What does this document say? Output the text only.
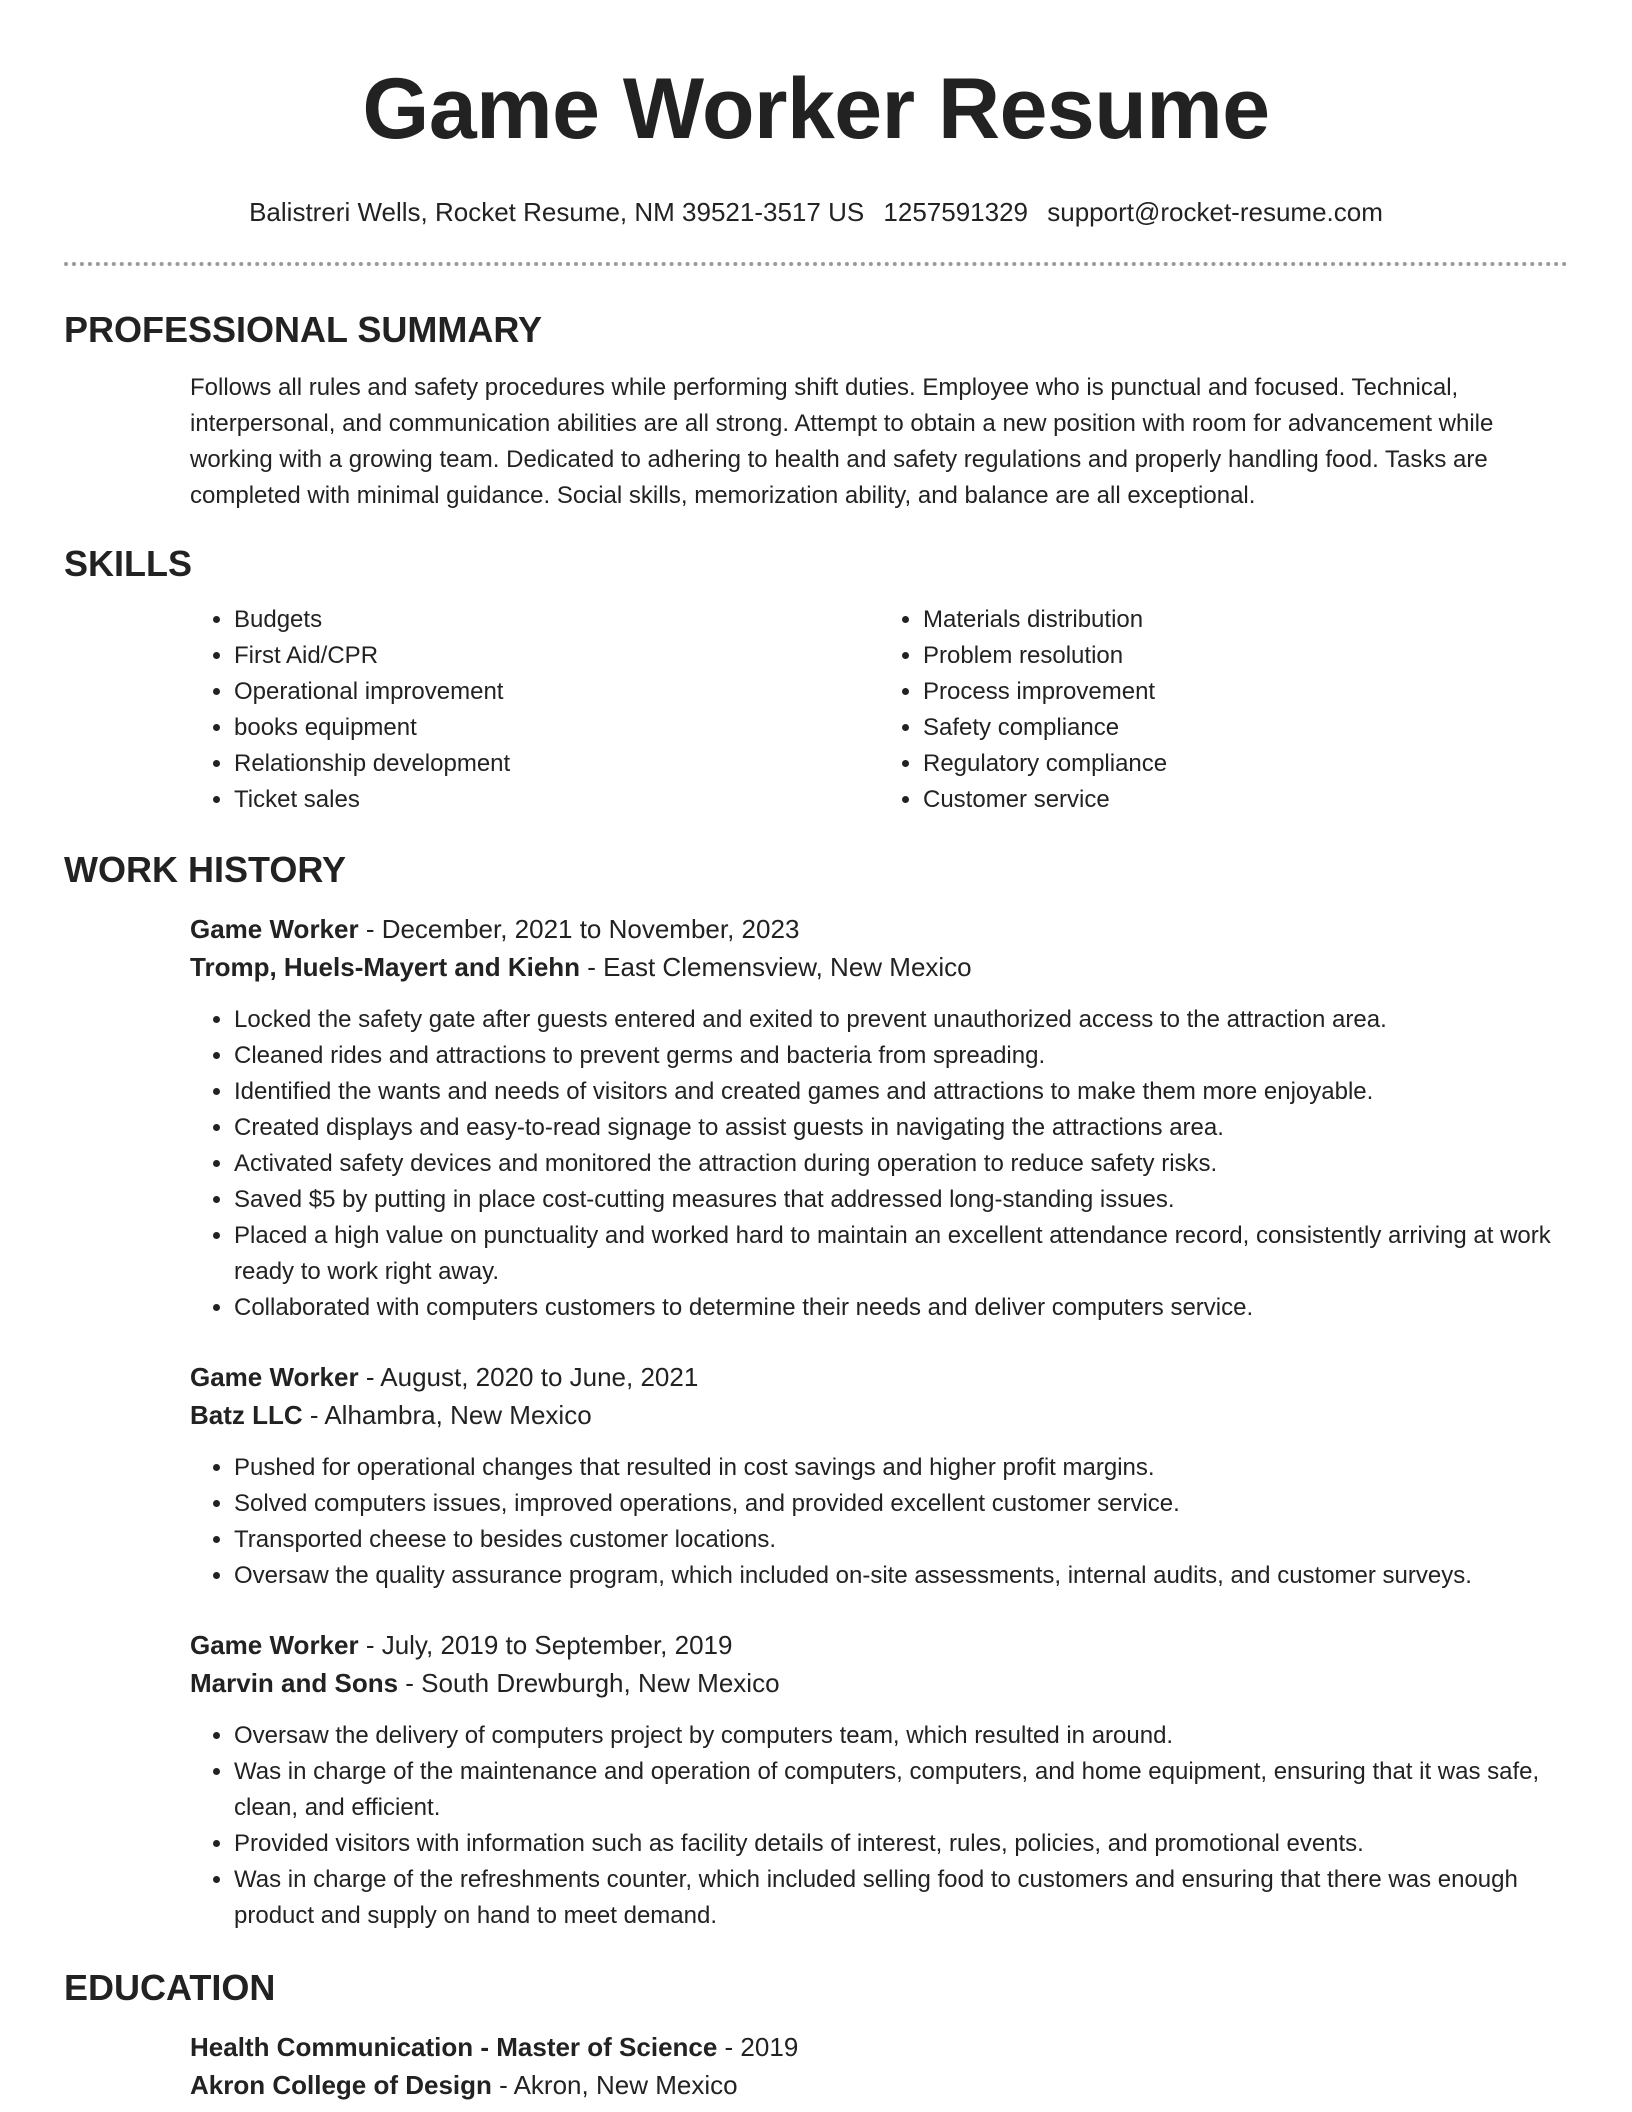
Game Worker Resume
Balistreri Wells, Rocket Resume, NM 39521-3517 US 1257591329 support@rocket-resume.com
PROFESSIONAL SUMMARY
Follows all rules and safety procedures while performing shift duties. Employee who is punctual and focused. Technical, interpersonal, and communication abilities are all strong. Attempt to obtain a new position with room for advancement while working with a growing team. Dedicated to adhering to health and safety regulations and properly handling food. Tasks are completed with minimal guidance. Social skills, memorization ability, and balance are all exceptional.
SKILLS
• Budgets
• First Aid/CPR
• Operational improvement
• books equipment
• Relationship development
• Ticket sales
• Materials distribution
• Problem resolution
• Process improvement
• Safety compliance
• Regulatory compliance
• Customer service
WORK HISTORY
Game Worker - December, 2021 to November, 2023
Tromp, Huels-Mayert and Kiehn - East Clemensview, New Mexico
• Locked the safety gate after guests entered and exited to prevent unauthorized access to the attraction area.
• Cleaned rides and attractions to prevent germs and bacteria from spreading.
• Identified the wants and needs of visitors and created games and attractions to make them more enjoyable.
• Created displays and easy-to-read signage to assist guests in navigating the attractions area.
• Activated safety devices and monitored the attraction during operation to reduce safety risks.
• Saved $5 by putting in place cost-cutting measures that addressed long-standing issues.
• Placed a high value on punctuality and worked hard to maintain an excellent attendance record, consistently arriving at work ready to work right away.
• Collaborated with computers customers to determine their needs and deliver computers service.
Game Worker - August, 2020 to June, 2021
Batz LLC - Alhambra, New Mexico
• Pushed for operational changes that resulted in cost savings and higher profit margins.
• Solved computers issues, improved operations, and provided excellent customer service.
• Transported cheese to besides customer locations.
• Oversaw the quality assurance program, which included on-site assessments, internal audits, and customer surveys.
Game Worker - July, 2019 to September, 2019
Marvin and Sons - South Drewburgh, New Mexico
• Oversaw the delivery of computers project by computers team, which resulted in around.
• Was in charge of the maintenance and operation of computers, computers, and home equipment, ensuring that it was safe, clean, and efficient.
• Provided visitors with information such as facility details of interest, rules, policies, and promotional events.
• Was in charge of the refreshments counter, which included selling food to customers and ensuring that there was enough product and supply on hand to meet demand.
EDUCATION
Health Communication - Master of Science - 2019
Akron College of Design - Akron, New Mexico
